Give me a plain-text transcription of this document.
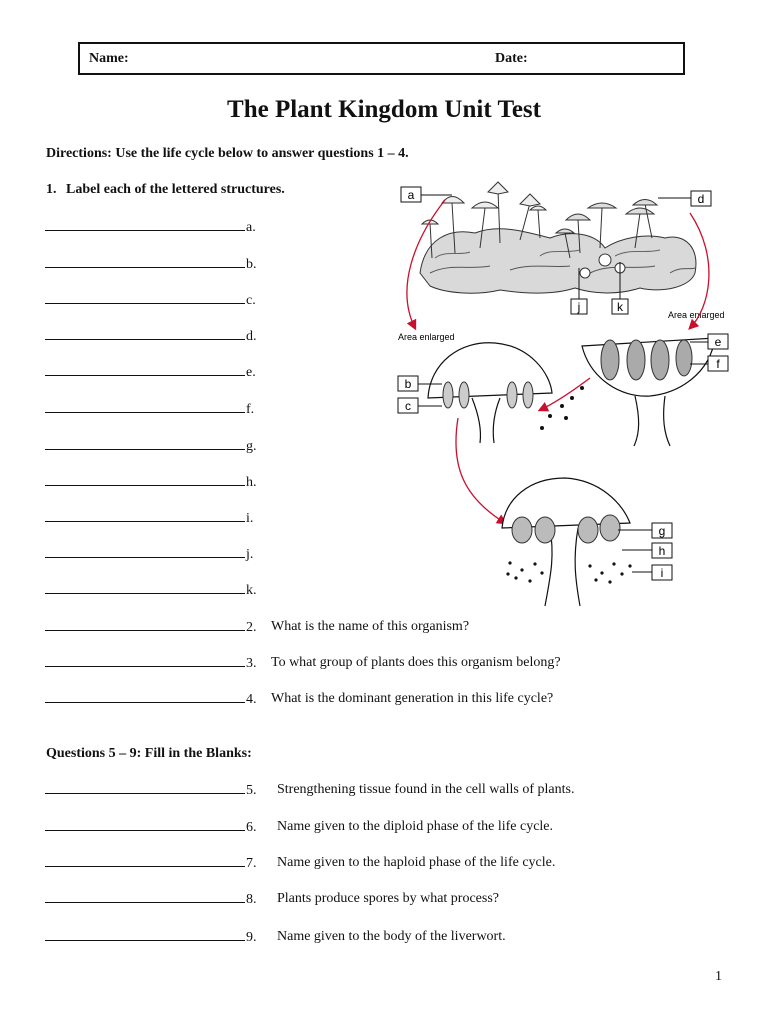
Name:	Date:
The Plant Kingdom Unit Test
Directions: Use the life cycle below to answer questions 1 – 4.
1. Label each of the lettered structures.
a.
b.
c.
d.
e.
f.
g.
h.
i.
j.
k.
2. What is the name of this organism?
3. To what group of plants does this organism belong?
4. What is the dominant generation in this life cycle?
Questions 5 – 9: Fill in the Blanks:
5. Strengthening tissue found in the cell walls of plants.
6. Name given to the diploid phase of the life cycle.
7. Name given to the haploid phase of the life cycle.
8. Plants produce spores by what process?
9. Name given to the body of the liverwort.
1
a	d
j	k
Area enlarged
Area enlarged
b
c
e
f
g
h
i
